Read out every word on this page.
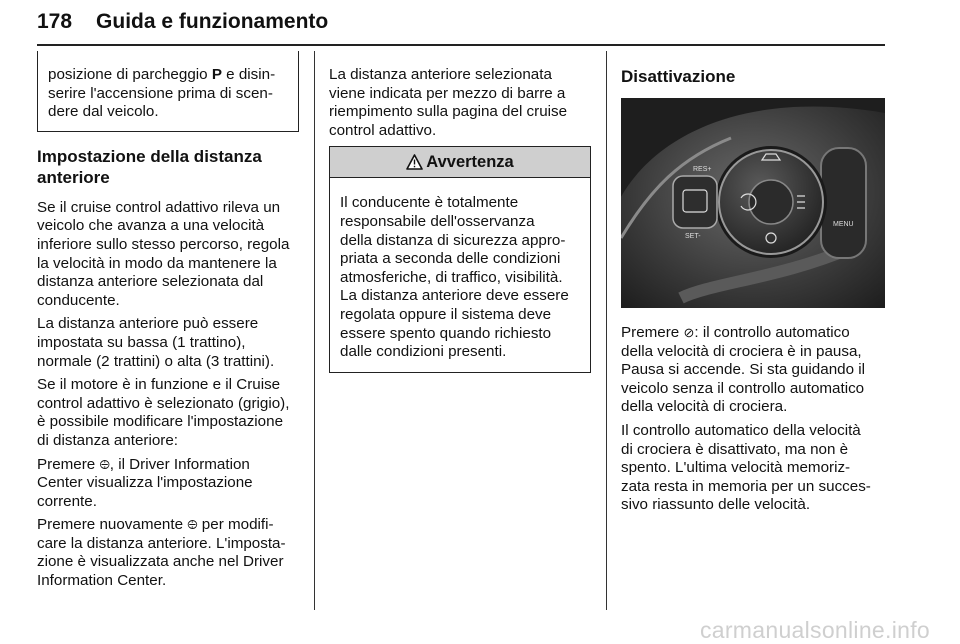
178 Guida e funzionamento

posizione di parcheggio P e disin-

serire l'accensione prima di scen-

dere dal veicolo.

Impostazione della distanza

anteriore

Se il cruise control adattivo rileva un

veicolo che avanza a una velocità

inferiore sullo stesso percorso, regola

la velocità in modo da mantenere la

distanza anteriore selezionata dal

conducente.

La distanza anteriore può essere

impostata su bassa (1 trattino),

normale (2 trattini) o alta (3 trattini).

Se il motore è in funzione e il Cruise

control adattivo è selezionato (grigio),

è possibile modificare l'impostazione

di distanza anteriore:

Premere ⨸, il Driver Information

Center visualizza l'impostazione

corrente.

Premere nuovamente ⨸ per modifi-

care la distanza anteriore. L'imposta-

zione è visualizzata anche nel Driver

Information Center.

La distanza anteriore selezionata

viene indicata per mezzo di barre a

riempimento sulla pagina del cruise

control adattivo.

Avvertenza

Il conducente è totalmente

responsabile dell'osservanza

della distanza di sicurezza appro-

priata a seconda delle condizioni

atmosferiche, di traffico, visibilità.

La distanza anteriore deve essere

regolata oppure il sistema deve

essere spento quando richiesto

dalle condizioni presenti.

Disattivazione

MENU
RES+
SET-

Premere ⊘: il controllo automatico

della velocità di crociera è in pausa,

Pausa si accende. Si sta guidando il

veicolo senza il controllo automatico

della velocità di crociera.

Il controllo automatico della velocità

di crociera è disattivato, ma non è

spento. L'ultima velocità memoriz-

zata resta in memoria per un succes-

sivo riassunto delle velocità.

carmanualsonline.info
